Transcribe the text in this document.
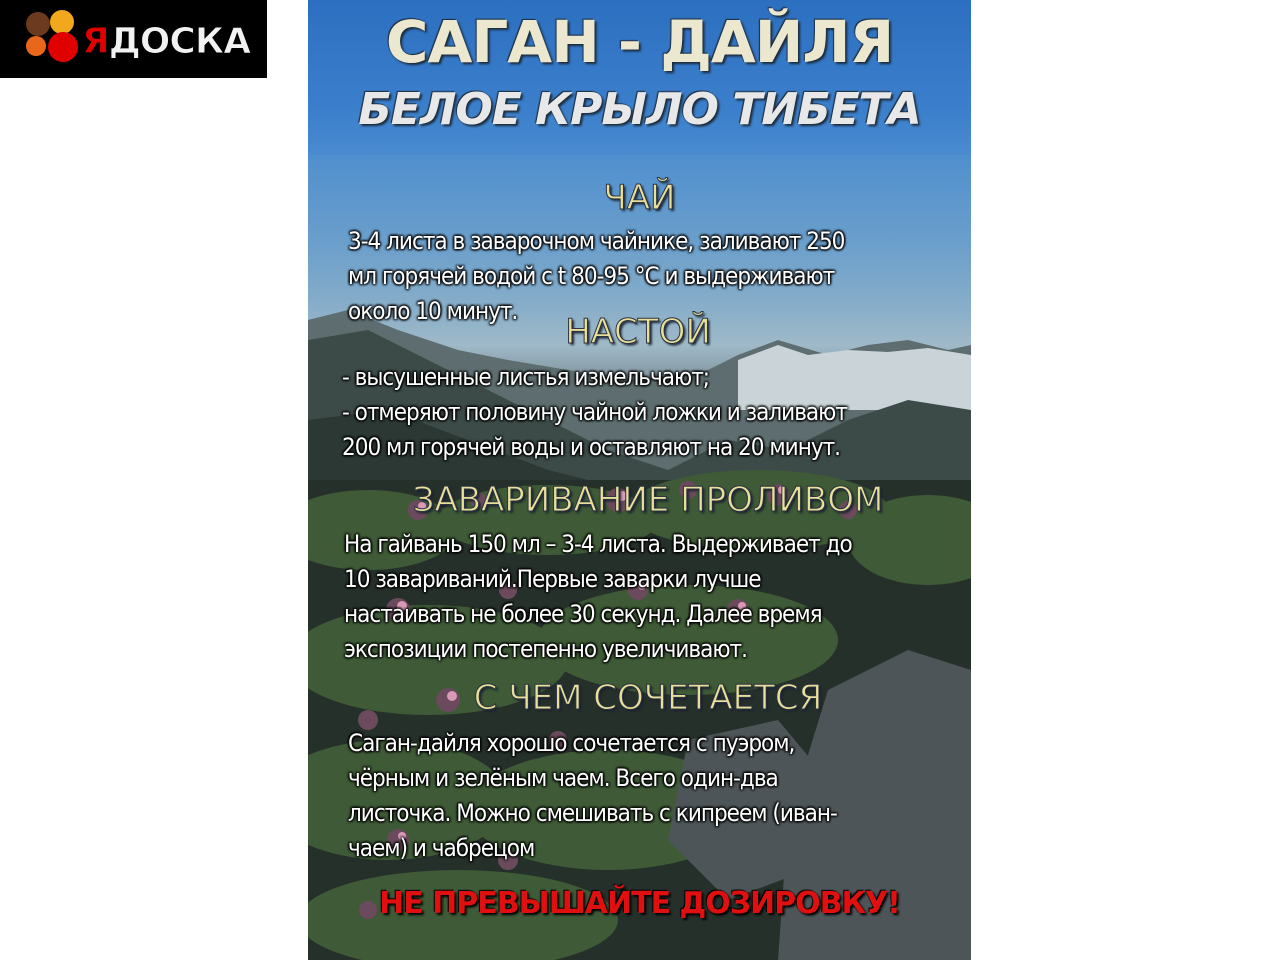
ЯДОСКА	САГАН - ДАЙЛЯ
БЕЛОЕ КРЫЛО ТИБЕТА
ЧАЙ
3-4 листа в заварочном чайнике, заливают 250
мл горячей водой с t 80-95 °C и выдерживают
около 10 минут.
НАСТОЙ
- высушенные листья измельчают;
- отмеряют половину чайной ложки и заливают
200 мл горячей воды и оставляют на 20 минут.
ЗАВАРИВАНИЕ ПРОЛИВОМ
На гайвань 150 мл – 3-4 листа. Выдерживает до
10 завариваний.Первые заварки лучше
настаивать не более 30 секунд. Далее время
экспозиции постепенно увеличивают.
С ЧЕМ СОЧЕТАЕТСЯ
Саган-дайля хорошо сочетается с пуэром,
чёрным и зелёным чаем. Всего один-два
листочка. Можно смешивать с кипреем (иван-
чаем) и чабрецом
НЕ ПРЕВЫШАЙТЕ ДОЗИРОВКУ!
